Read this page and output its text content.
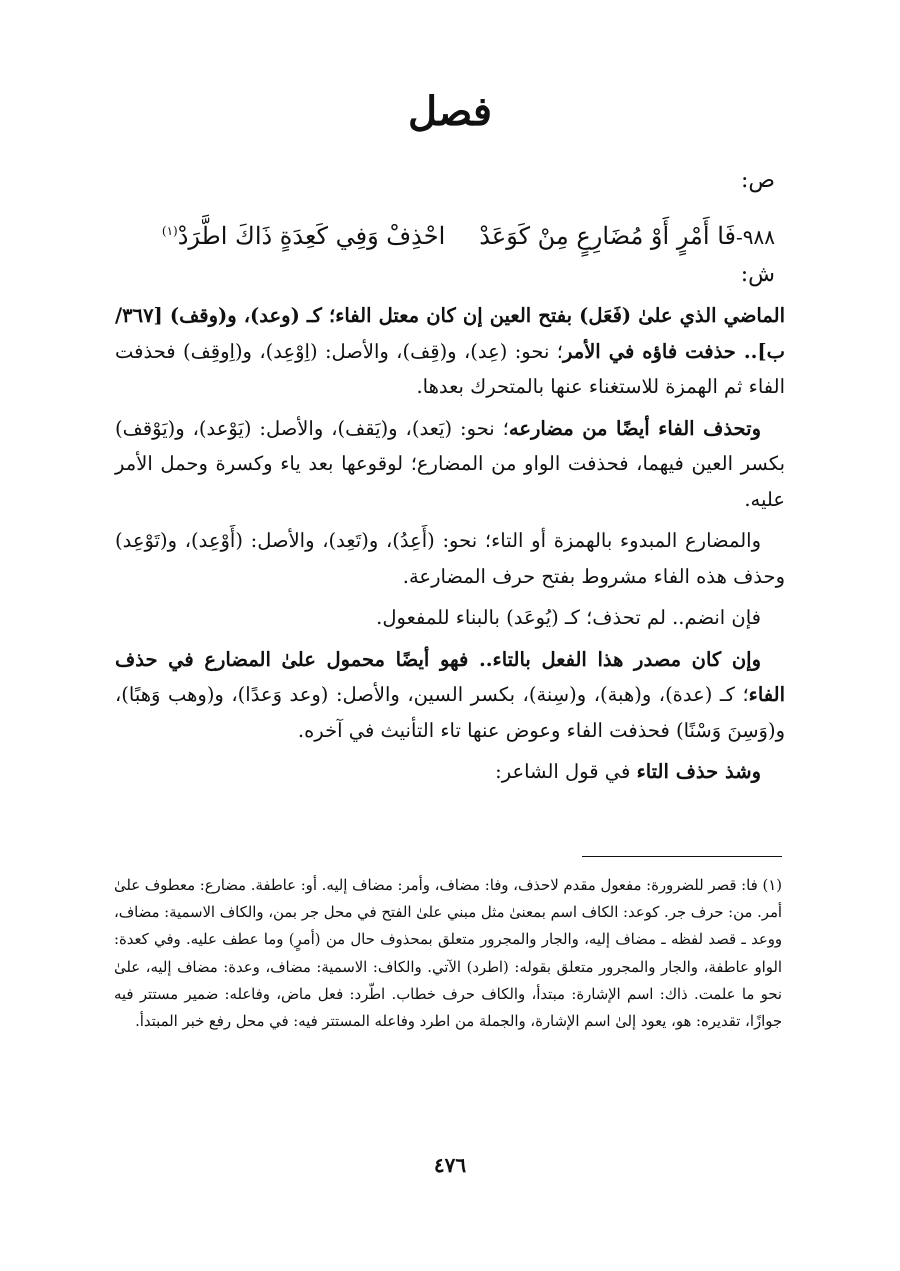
فصل
ص:
٩٨٨-فَا أَمْرٍ أَوْ مُضَارِعٍ مِنْ كَوَعَدْاحْذِفْ وَفِي كَعِدَةٍ ذَاكَ اطَّرَدْ$^{(١)}$
ش:

الماضي الذي علىٰ (فَعَل) بفتح العين إن كان معتل الفاء؛ كـ (وعد)، و(وقف) [٣٦٧/ ب].. حذفت فاؤه في الأمر؛ نحو: (عِد)، و(قِف)، والأصل: (اِوْعِد)، و(اِوقِف) فحذفت الفاء ثم الهمزة للاستغناء عنها بالمتحرك بعدها.

وتحذف الفاء أيضًا من مضارعه؛ نحو: (يَعد)، و(يَقف)، والأصل: (يَوْعد)، و(يَوْقف) بكسر العين فيهما، فحذفت الواو من المضارع؛ لوقوعها بعد ياء وكسرة وحمل الأمر عليه.

والمضارع المبدوء بالهمزة أو التاء؛ نحو: (أَعِدُ)، و(تَعِد)، والأصل: (أَوْعِد)، و(تَوْعِد) وحذف هذه الفاء مشروط بفتح حرف المضارعة.

فإن انضم.. لم تحذف؛ كـ (يُوعَد) بالبناء للمفعول.

وإن كان مصدر هذا الفعل بالتاء.. فهو أيضًا محمول علىٰ المضارع في حذف الفاء؛ كـ (عدة)، و(هبة)، و(سِنة)، بكسر السين، والأصل: (وعد وَعدًا)، و(وهب وَهبًا)، و(وَسِنَ وَسْنًا) فحذفت الفاء وعوض عنها تاء التأنيث في آخره.

وشذ حذف التاء في قول الشاعر:

(١) فا: قصر للضرورة: مفعول مقدم لاحذف، وفا: مضاف، وأمر: مضاف إليه. أو: عاطفة. مضارع: معطوف علىٰ أمر. من: حرف جر. كوعد: الكاف اسم بمعنىٰ مثل مبني علىٰ الفتح في محل جر بمن، والكاف الاسمية: مضاف، ووعد ـ قصد لفظه ـ مضاف إليه، والجار والمجرور متعلق بمحذوف حال من (أمرٍ) وما عطف عليه. وفي كعدة: الواو عاطفة، والجار والمجرور متعلق بقوله: (اطرد) الآتي. والكاف: الاسمية: مضاف، وعدة: مضاف إليه، علىٰ نحو ما علمت. ذاك: اسم الإشارة: مبتدأ، والكاف حرف خطاب. اطّرد: فعل ماض، وفاعله: ضمير مستتر فيه جوازًا، تقديره: هو، يعود إلىٰ اسم الإشارة، والجملة من اطرد وفاعله المستتر فيه: في محل رفع خبر المبتدأ.

٤٧٦
